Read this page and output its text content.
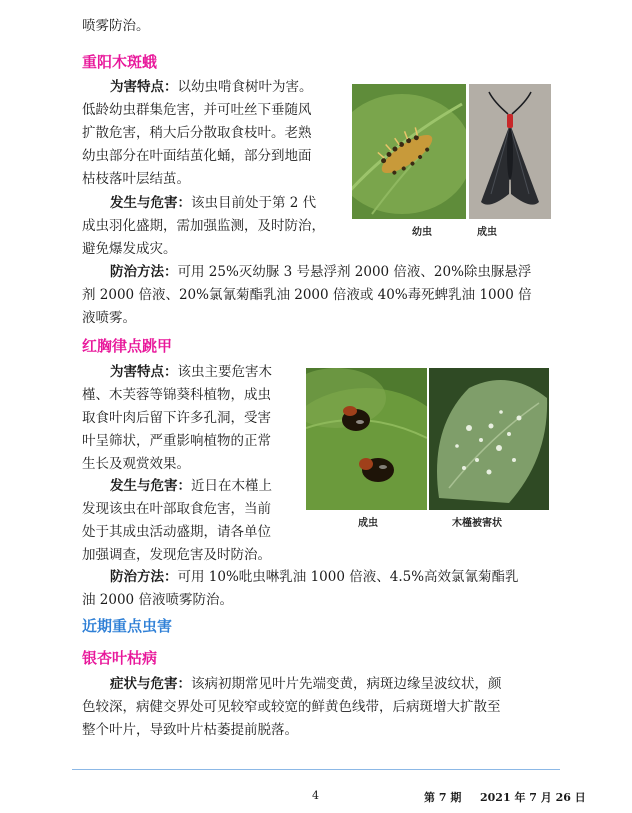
喷雾防治。

重阳木斑蛾

为害特点：以幼虫啃食树叶为害。
低龄幼虫群集危害，并可吐丝下垂随风
扩散危害，稍大后分散取食枝叶。老熟
幼虫部分在叶面结茧化蛹，部分到地面
枯枝落叶层结茧。

发生与危害：该虫目前处于第 2 代
成虫羽化盛期，需加强监测，及时防治，
避免爆发成灾。

幼虫	成虫

防治方法：可用 25%灭幼脲 3 号悬浮剂 2000 倍液、20%除虫脲悬浮
剂 2000 倍液、20%氯氰菊酯乳油 2000 倍液或 40%毒死蜱乳油 1000 倍
液喷雾。

红胸律点跳甲

为害特点：该虫主要危害木
槿、木芙蓉等锦葵科植物，成虫
取食叶肉后留下许多孔洞，受害
叶呈筛状，严重影响植物的正常
生长及观赏效果。

发生与危害：近日在木槿上
发现该虫在叶部取食危害，当前
处于其成虫活动盛期，请各单位
加强调查，发现危害及时防治。

成虫	木槿被害状

防治方法：可用 10%吡虫啉乳油 1000 倍液、4.5%高效氯氰菊酯乳
油 2000 倍液喷雾防治。

近期重点虫害

银杏叶枯病

症状与危害：该病初期常见叶片先端变黄，病斑边缘呈波纹状，颜
色较深，病健交界处可见较窄或较宽的鲜黄色线带，后病斑增大扩散至
整个叶片，导致叶片枯萎提前脱落。

4	第 7 期 2021 年 7 月 26 日
